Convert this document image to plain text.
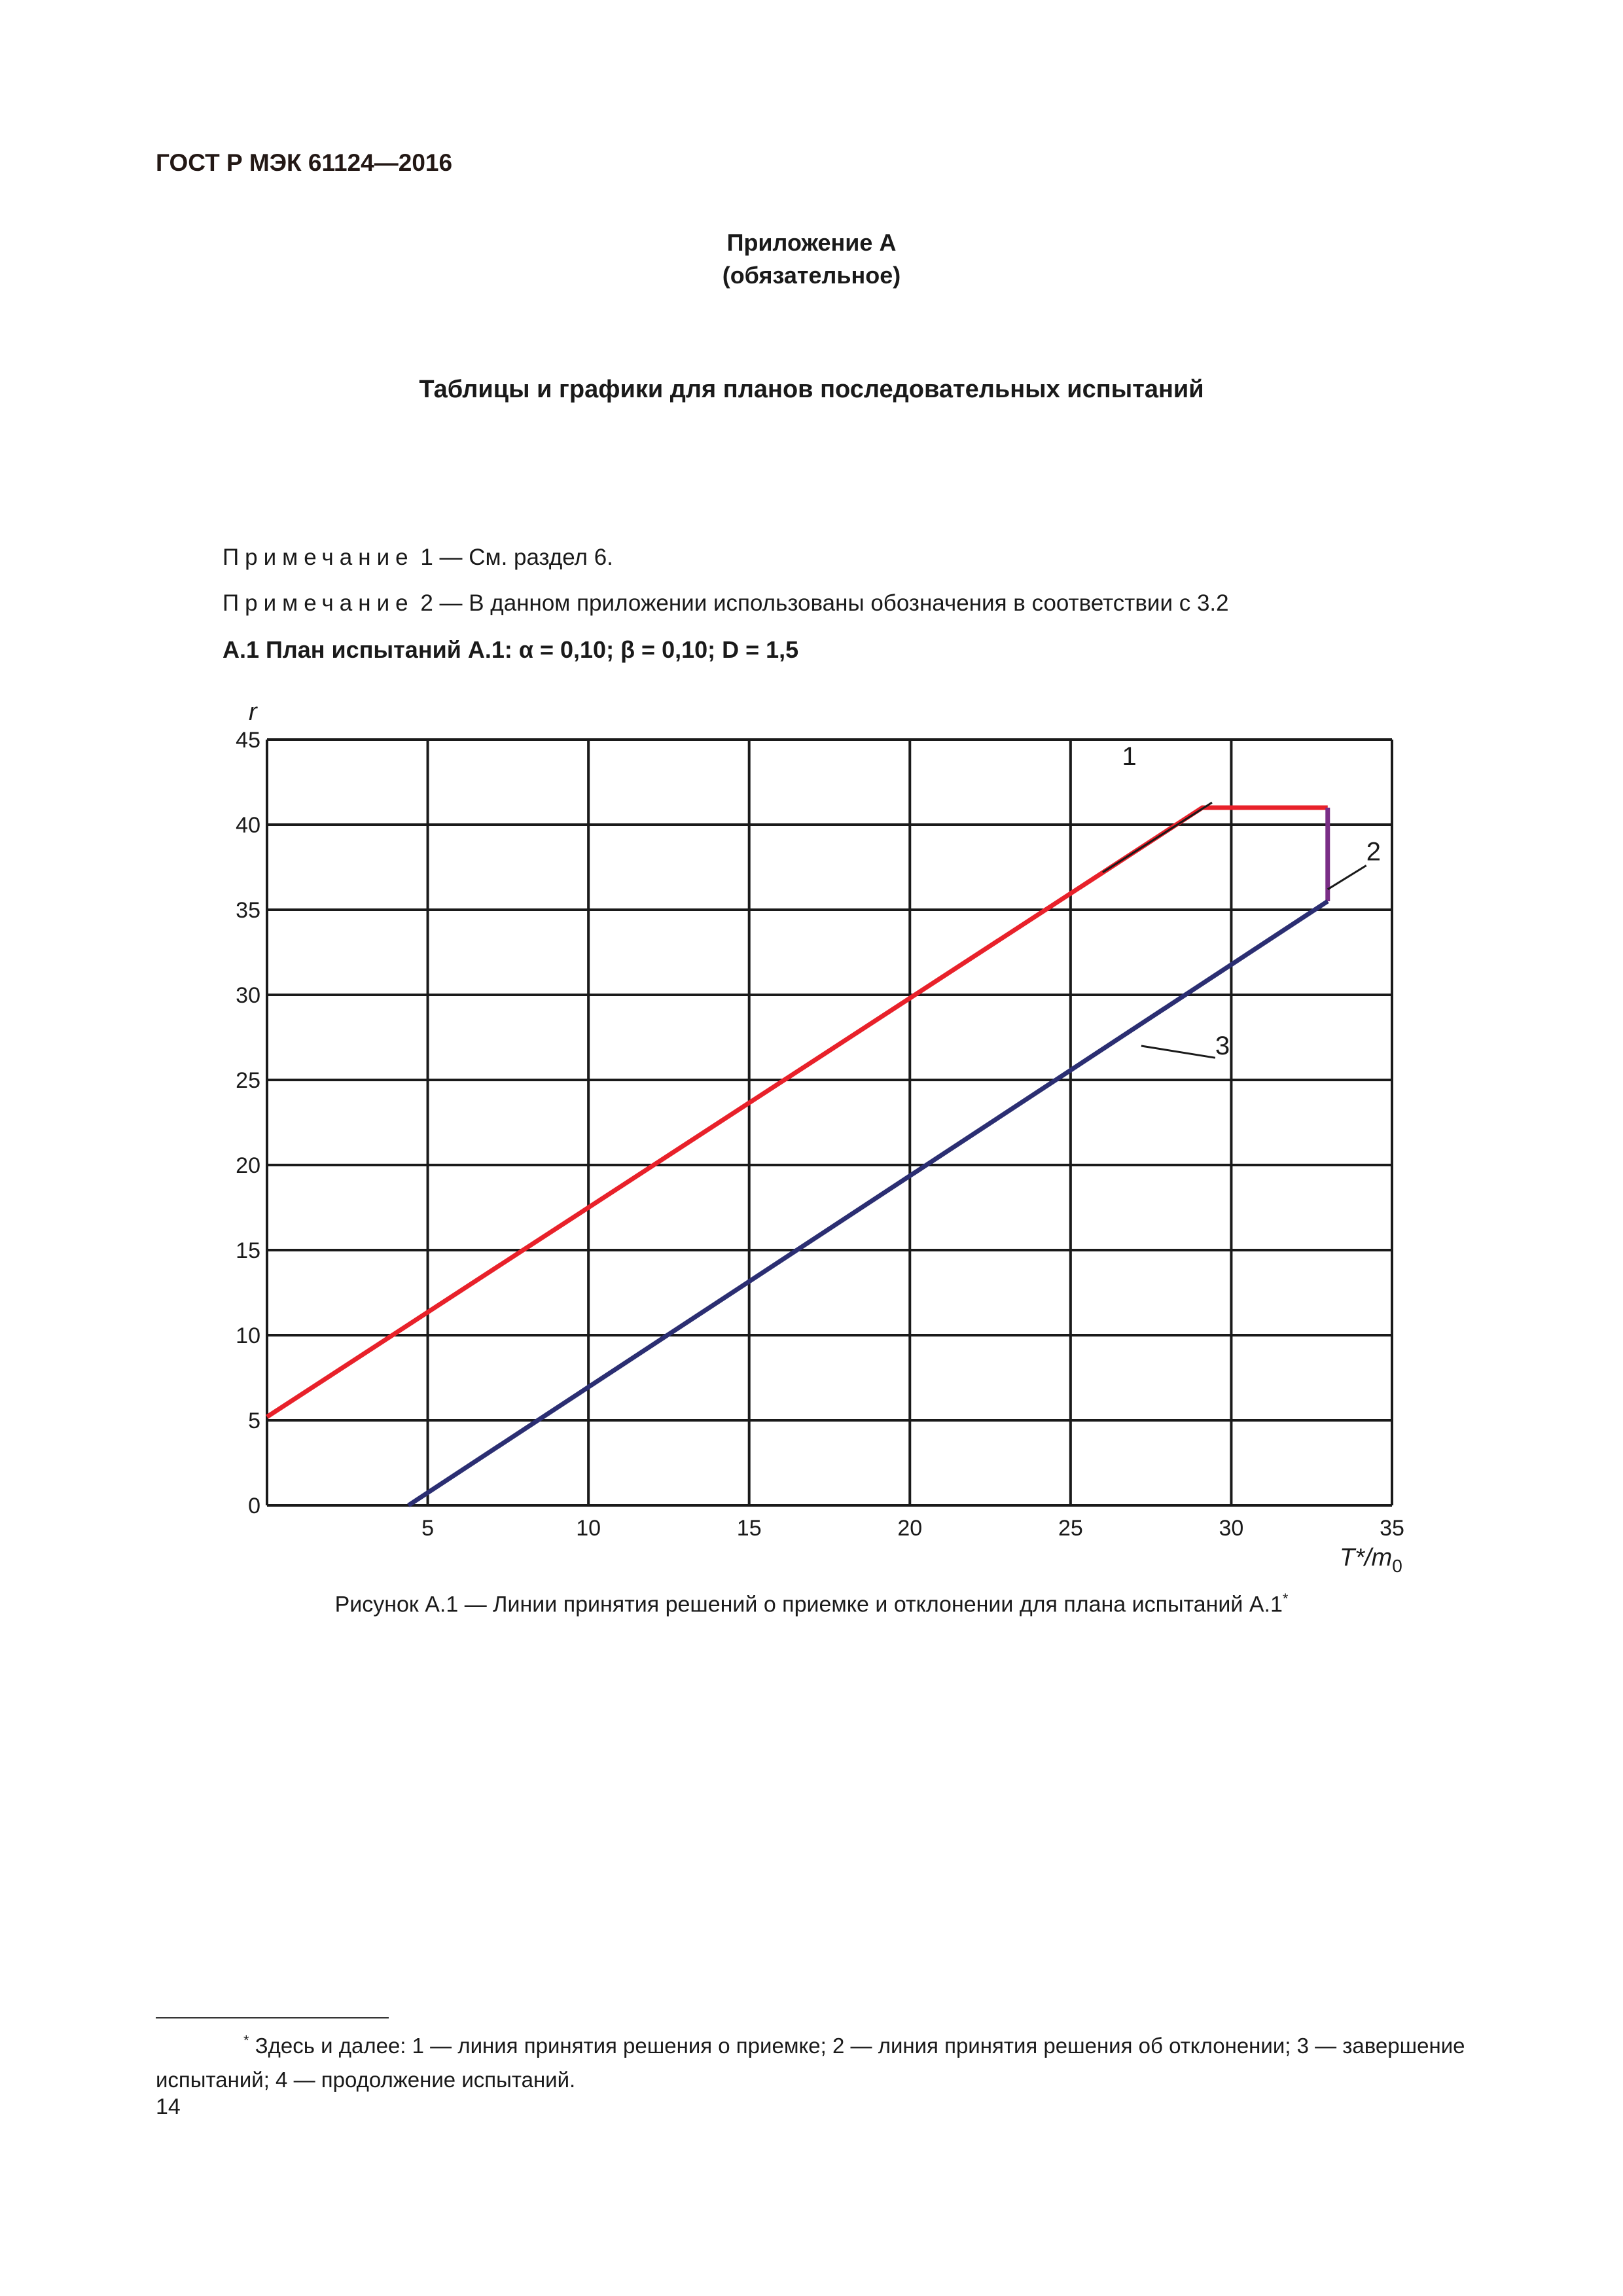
ГОСТ Р МЭК 61124—2016
Приложение А
(обязательное)
Таблицы и графики для планов последовательных испытаний
Примечание 1 — См. раздел 6.
Примечание 2 — В данном приложении использованы обозначения в соответствии с 3.2
А.1 План испытаний А.1: α = 0,10; β = 0,10; D = 1,5
1
2
3
5	10	15	20	25	30	35
0
5
10
15
20
25
30
35
40
45
r
$T*/m_0$
Рисунок А.1 — Линии принятия решений о приемке и отклонении для плана испытаний А.1*
* Здесь и далее: 1 — линия принятия решения о приемке; 2 — линия принятия решения об отклонении; 3 — завершение испытаний; 4 — продолжение испытаний.
14
